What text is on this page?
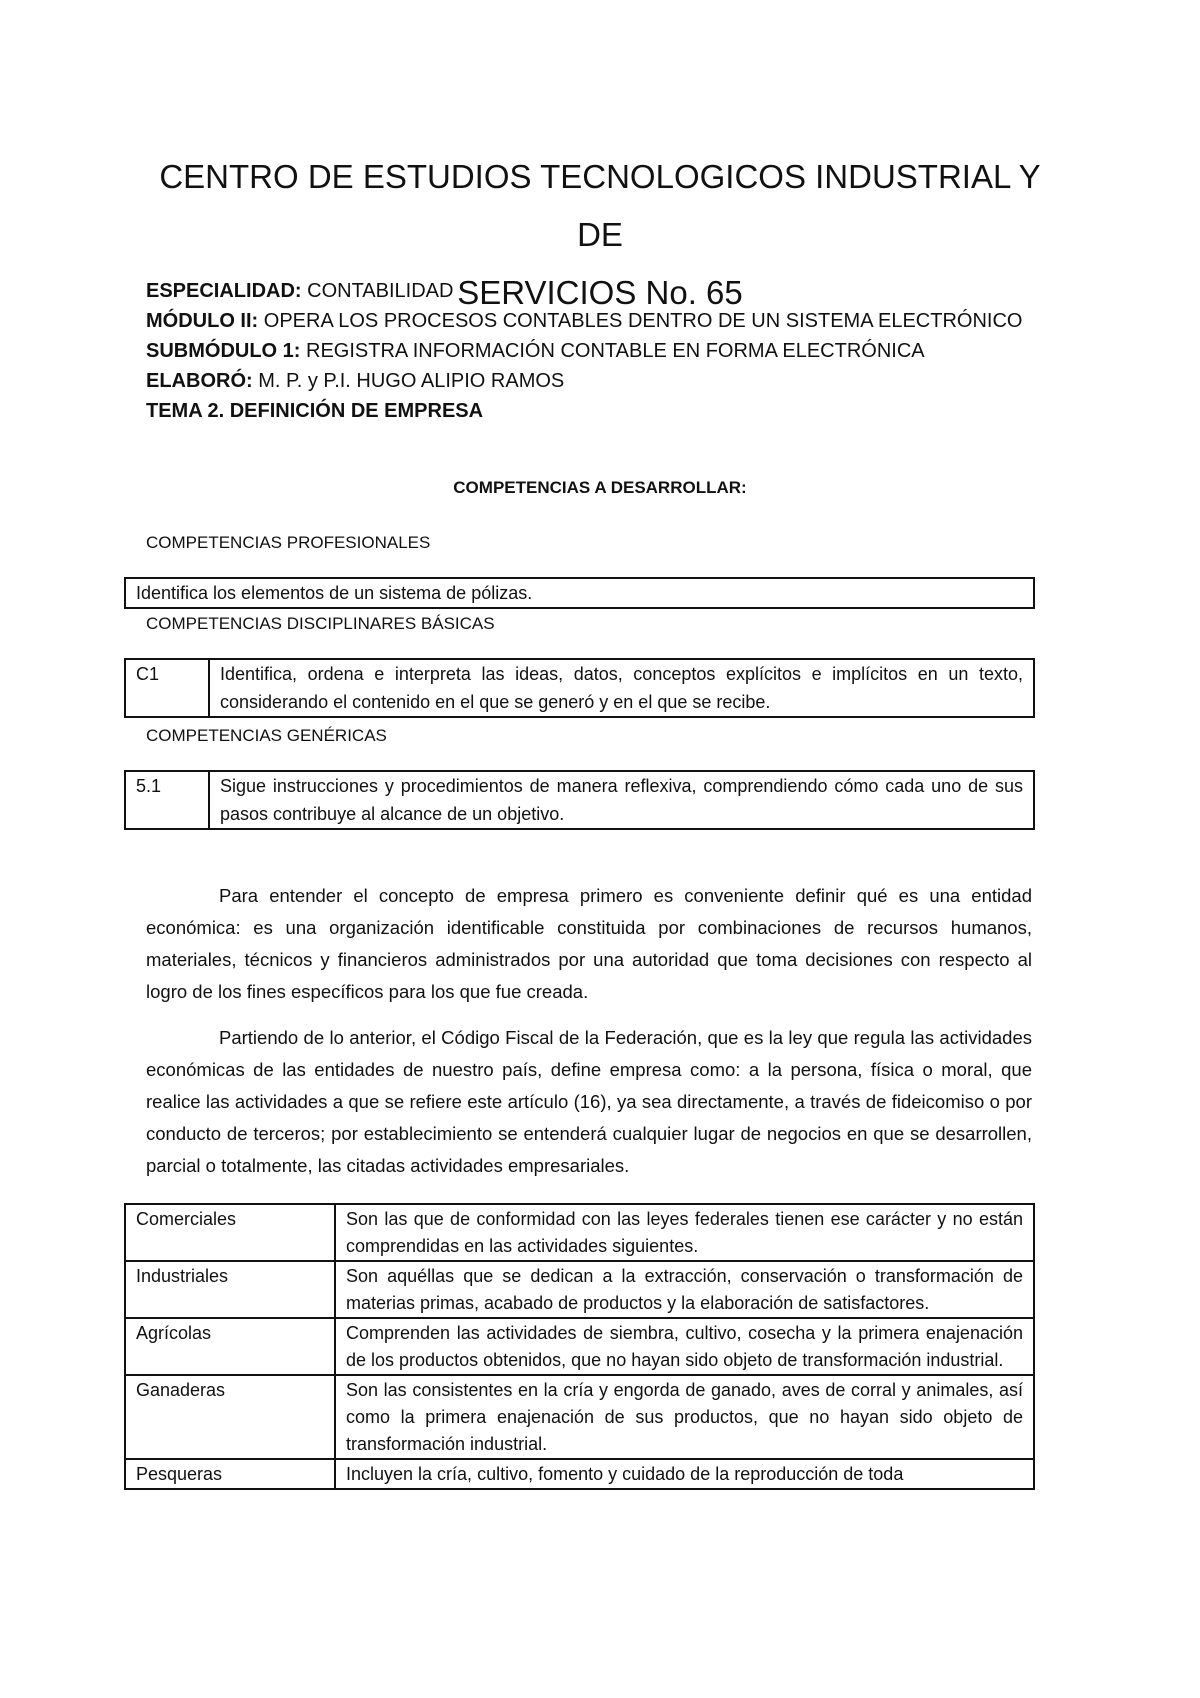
CENTRO DE ESTUDIOS TECNOLOGICOS INDUSTRIAL Y DE
SERVICIOS No. 65
ESPECIALIDAD: CONTABILIDAD
MÓDULO II: OPERA LOS PROCESOS CONTABLES DENTRO DE UN SISTEMA ELECTRÓNICO
SUBMÓDULO 1: REGISTRA INFORMACIÓN CONTABLE EN FORMA ELECTRÓNICA
ELABORÓ: M. P. y P.I. HUGO ALIPIO RAMOS
TEMA 2. DEFINICIÓN DE EMPRESA
COMPETENCIAS A DESARROLLAR:
COMPETENCIAS PROFESIONALES
Identifica los elementos de un sistema de pólizas.
COMPETENCIAS DISCIPLINARES BÁSICAS
C1	Identifica, ordena e interpreta las ideas, datos, conceptos explícitos e implícitos en un texto, considerando el contenido en el que se generó y en el que se recibe.
COMPETENCIAS GENÉRICAS
5.1	Sigue instrucciones y procedimientos de manera reflexiva, comprendiendo cómo cada uno de sus pasos contribuye al alcance de un objetivo.
Para entender el concepto de empresa primero es conveniente definir qué es una entidad económica: es una organización identificable constituida por combinaciones de recursos humanos, materiales, técnicos y financieros administrados por una autoridad que toma decisiones con respecto al logro de los fines específicos para los que fue creada.
Partiendo de lo anterior, el Código Fiscal de la Federación, que es la ley que regula las actividades económicas de las entidades de nuestro país, define empresa como: a la persona, física o moral, que realice las actividades a que se refiere este artículo (16), ya sea directamente, a través de fideicomiso o por conducto de terceros; por establecimiento se entenderá cualquier lugar de negocios en que se desarrollen, parcial o totalmente, las citadas actividades empresariales.
Comerciales	Son las que de conformidad con las leyes federales tienen ese carácter y no están comprendidas en las actividades siguientes.
Industriales	Son aquéllas que se dedican a la extracción, conservación o transformación de materias primas, acabado de productos y la elaboración de satisfactores.
Agrícolas	Comprenden las actividades de siembra, cultivo, cosecha y la primera enajenación de los productos obtenidos, que no hayan sido objeto de transformación industrial.
Ganaderas	Son las consistentes en la cría y engorda de ganado, aves de corral y animales, así como la primera enajenación de sus productos, que no hayan sido objeto de transformación industrial.
Pesqueras	Incluyen la cría, cultivo, fomento y cuidado de la reproducción de toda
